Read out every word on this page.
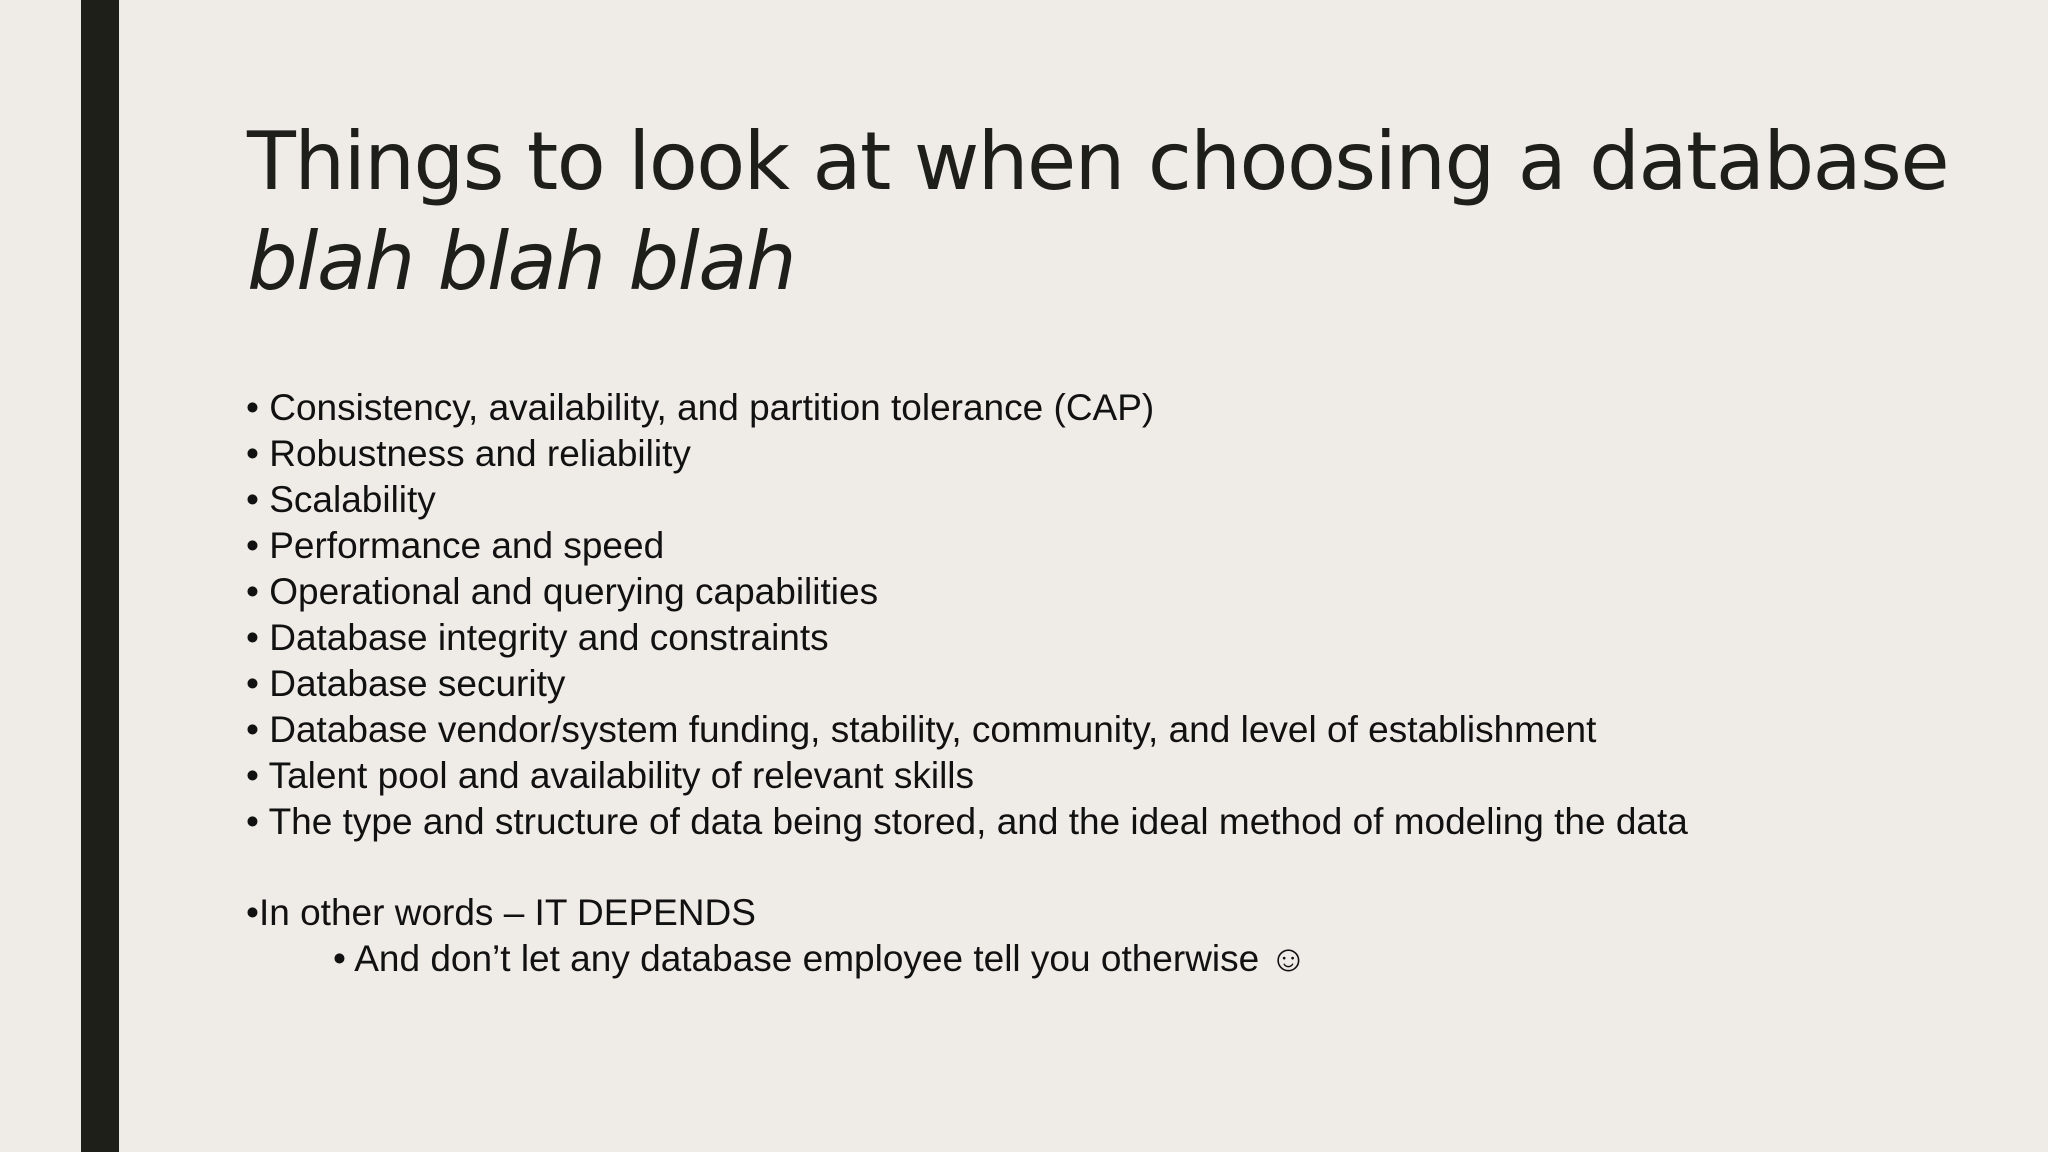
Things to look at when choosing a database
blah blah blah
• Consistency, availability, and partition tolerance (CAP)
• Robustness and reliability
• Scalability
• Performance and speed
• Operational and querying capabilities
• Database integrity and constraints
• Database security
• Database vendor/system funding, stability, community, and level of establishment
• Talent pool and availability of relevant skills
• The type and structure of data being stored, and the ideal method of modeling the data
• In other words – IT DEPENDS
• And don’t let any database employee tell you otherwise ☺
